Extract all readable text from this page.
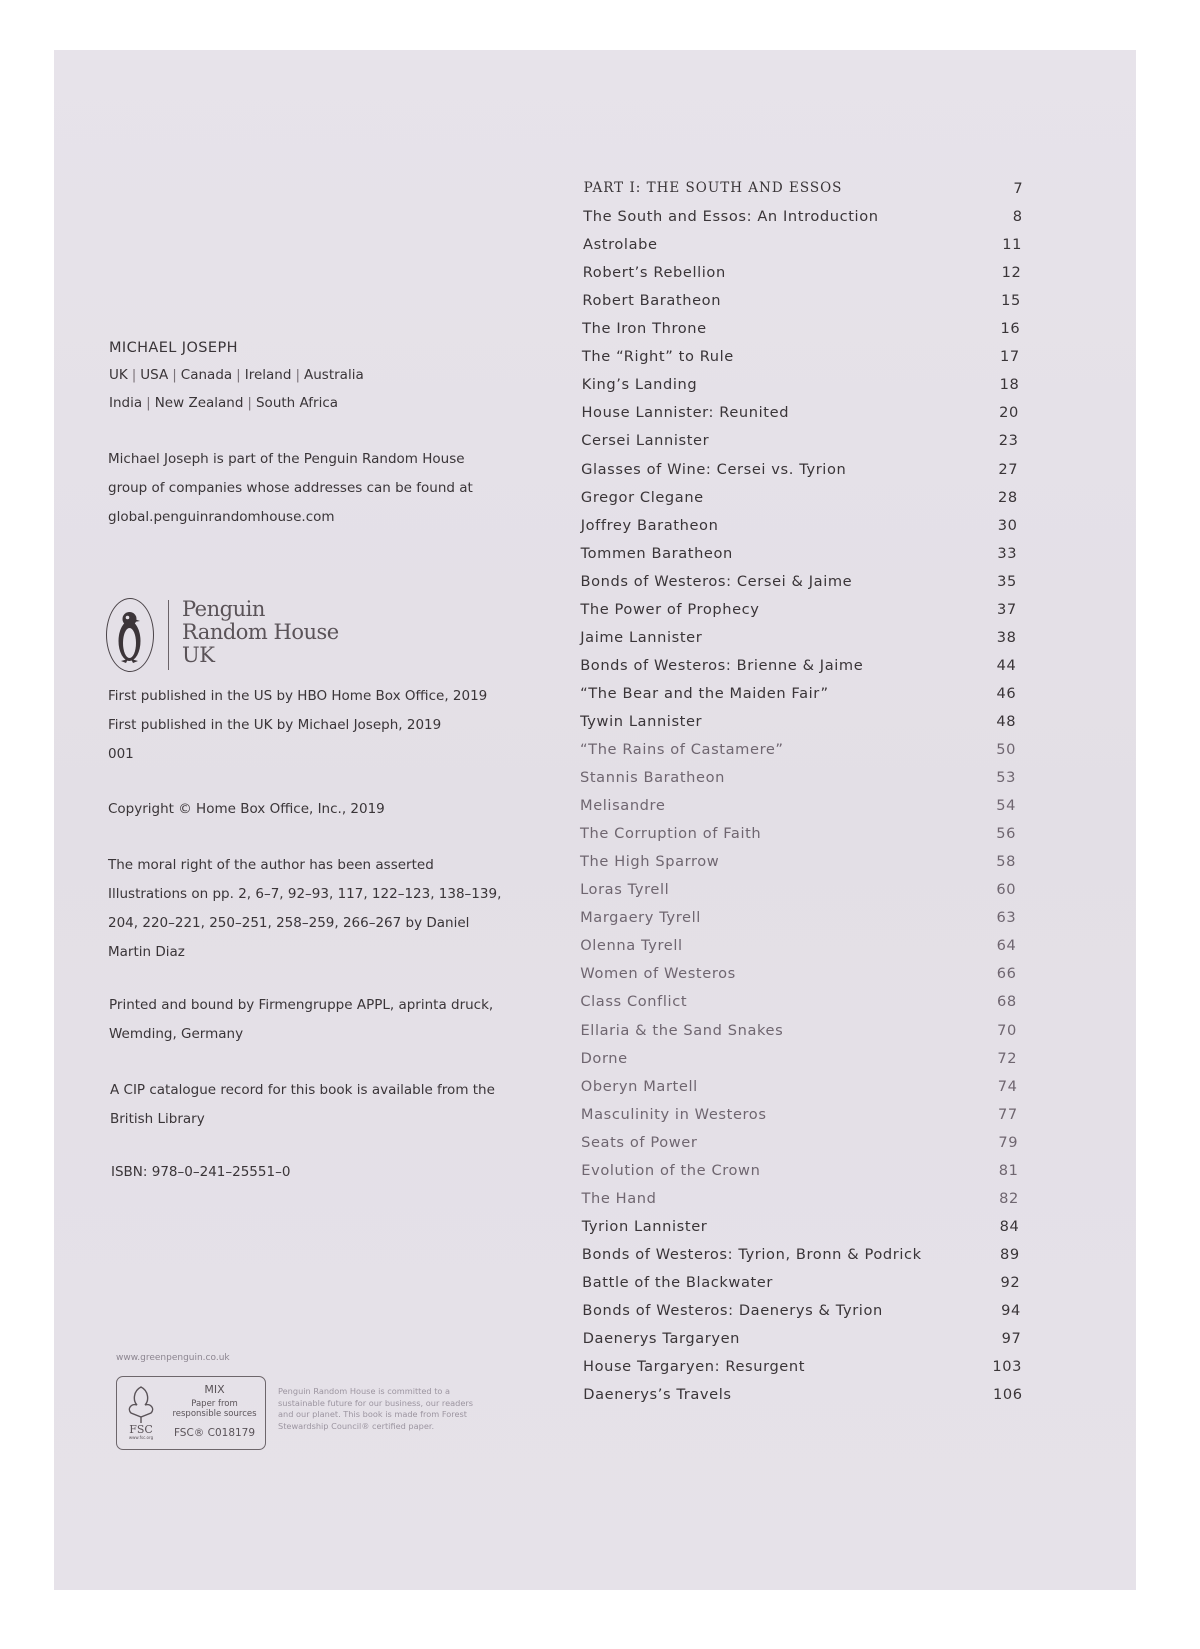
MICHAEL JOSEPH
UK | USA | Canada | Ireland | Australia
India | New Zealand | South Africa
Michael Joseph is part of the Penguin Random House
group of companies whose addresses can be found at
global.penguinrandomhouse.com
Penguin
Random House
UK
First published in the US by HBO Home Box Office, 2019
First published in the UK by Michael Joseph, 2019
001
Copyright © Home Box Office, Inc., 2019
The moral right of the author has been asserted
Illustrations on pp. 2, 6–7, 92–93, 117, 122–123, 138–139,
204, 220–221, 250–251, 258–259, 266–267 by Daniel
Martin Diaz
Printed and bound by Firmengruppe APPL, aprinta druck,
Wemding, Germany
A CIP catalogue record for this book is available from the
British Library
ISBN: 978–0–241–25551–0
www.greenpenguin.co.uk
FSC
www.fsc.org
MIX
Paper from
responsible sources
FSC® C018179
Penguin Random House is committed to a
sustainable future for our business, our readers
and our planet. This book is made from Forest
Stewardship Council® certified paper.
PART I: THE SOUTH AND ESSOS	7
The South and Essos: An Introduction	8
Astrolabe	11
Robert’s Rebellion	12
Robert Baratheon	15
The Iron Throne	16
The “Right” to Rule	17
King’s Landing	18
House Lannister: Reunited	20
Cersei Lannister	23
Glasses of Wine: Cersei vs. Tyrion	27
Gregor Clegane	28
Joffrey Baratheon	30
Tommen Baratheon	33
Bonds of Westeros: Cersei & Jaime	35
The Power of Prophecy	37
Jaime Lannister	38
Bonds of Westeros: Brienne & Jaime	44
“The Bear and the Maiden Fair”	46
Tywin Lannister	48
“The Rains of Castamere”	50
Stannis Baratheon	53
Melisandre	54
The Corruption of Faith	56
The High Sparrow	58
Loras Tyrell	60
Margaery Tyrell	63
Olenna Tyrell	64
Women of Westeros	66
Class Conflict	68
Ellaria & the Sand Snakes	70
Dorne	72
Oberyn Martell	74
Masculinity in Westeros	77
Seats of Power	79
Evolution of the Crown	81
The Hand	82
Tyrion Lannister	84
Bonds of Westeros: Tyrion, Bronn & Podrick	89
Battle of the Blackwater	92
Bonds of Westeros: Daenerys & Tyrion	94
Daenerys Targaryen	97
House Targaryen: Resurgent	103
Daenerys’s Travels	106
